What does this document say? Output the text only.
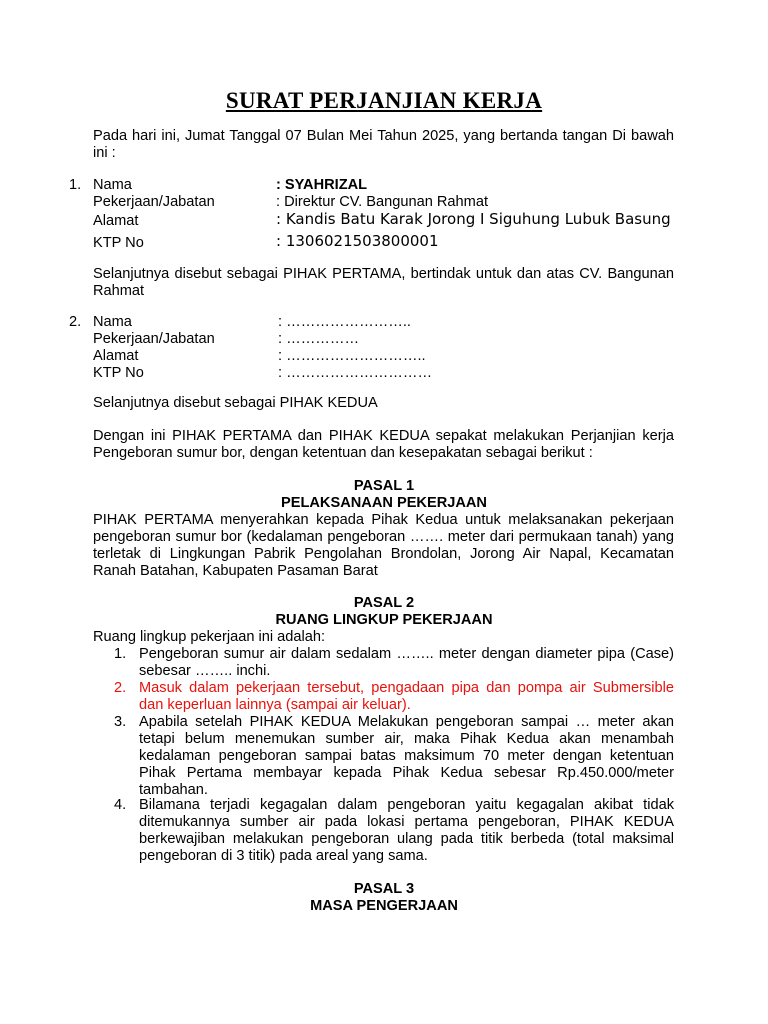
SURAT PERJANJIAN KERJA
Pada hari ini, Jumat Tanggal 07 Bulan Mei Tahun 2025, yang bertanda tangan Di bawah ini :
1. Nama	: SYAHRIZAL
Pekerjaan/Jabatan	: Direktur CV. Bangunan Rahmat
Alamat	: Kandis Batu Karak Jorong I Siguhung Lubuk Basung
KTP No	: 1306021503800001
Selanjutnya disebut sebagai PIHAK PERTAMA, bertindak untuk dan atas CV. Bangunan Rahmat
2. Nama	: ……………………..
Pekerjaan/Jabatan	: ……………
Alamat	: ………………………..
KTP No	: …………………………
Selanjutnya disebut sebagai PIHAK KEDUA
Dengan ini PIHAK PERTAMA dan PIHAK KEDUA sepakat melakukan Perjanjian kerja Pengeboran sumur bor, dengan ketentuan dan kesepakatan sebagai berikut :
PASAL 1
PELAKSANAAN PEKERJAAN
PIHAK PERTAMA menyerahkan kepada Pihak Kedua untuk melaksanakan pekerjaan pengeboran sumur bor (kedalaman pengeboran ……. meter dari permukaan tanah) yang terletak di Lingkungan Pabrik Pengolahan Brondolan, Jorong Air Napal, Kecamatan Ranah Batahan, Kabupaten Pasaman Barat
PASAL 2
RUANG LINGKUP PEKERJAAN
Ruang lingkup pekerjaan ini adalah:
1. Pengeboran sumur air dalam sedalam …….. meter dengan diameter pipa (Case) sebesar …….. inchi.
2. Masuk dalam pekerjaan tersebut, pengadaan pipa dan pompa air Submersible dan keperluan lainnya (sampai air keluar).
3. Apabila setelah PIHAK KEDUA Melakukan pengeboran sampai … meter akan tetapi belum menemukan sumber air, maka Pihak Kedua akan menambah kedalaman pengeboran sampai batas maksimum 70 meter dengan ketentuan Pihak Pertama membayar kepada Pihak Kedua sebesar Rp.450.000/meter tambahan.
4. Bilamana terjadi kegagalan dalam pengeboran yaitu kegagalan akibat tidak ditemukannya sumber air pada lokasi pertama pengeboran, PIHAK KEDUA berkewajiban melakukan pengeboran ulang pada titik berbeda (total maksimal pengeboran di 3 titik) pada areal yang sama.
PASAL 3
MASA PENGERJAAN
